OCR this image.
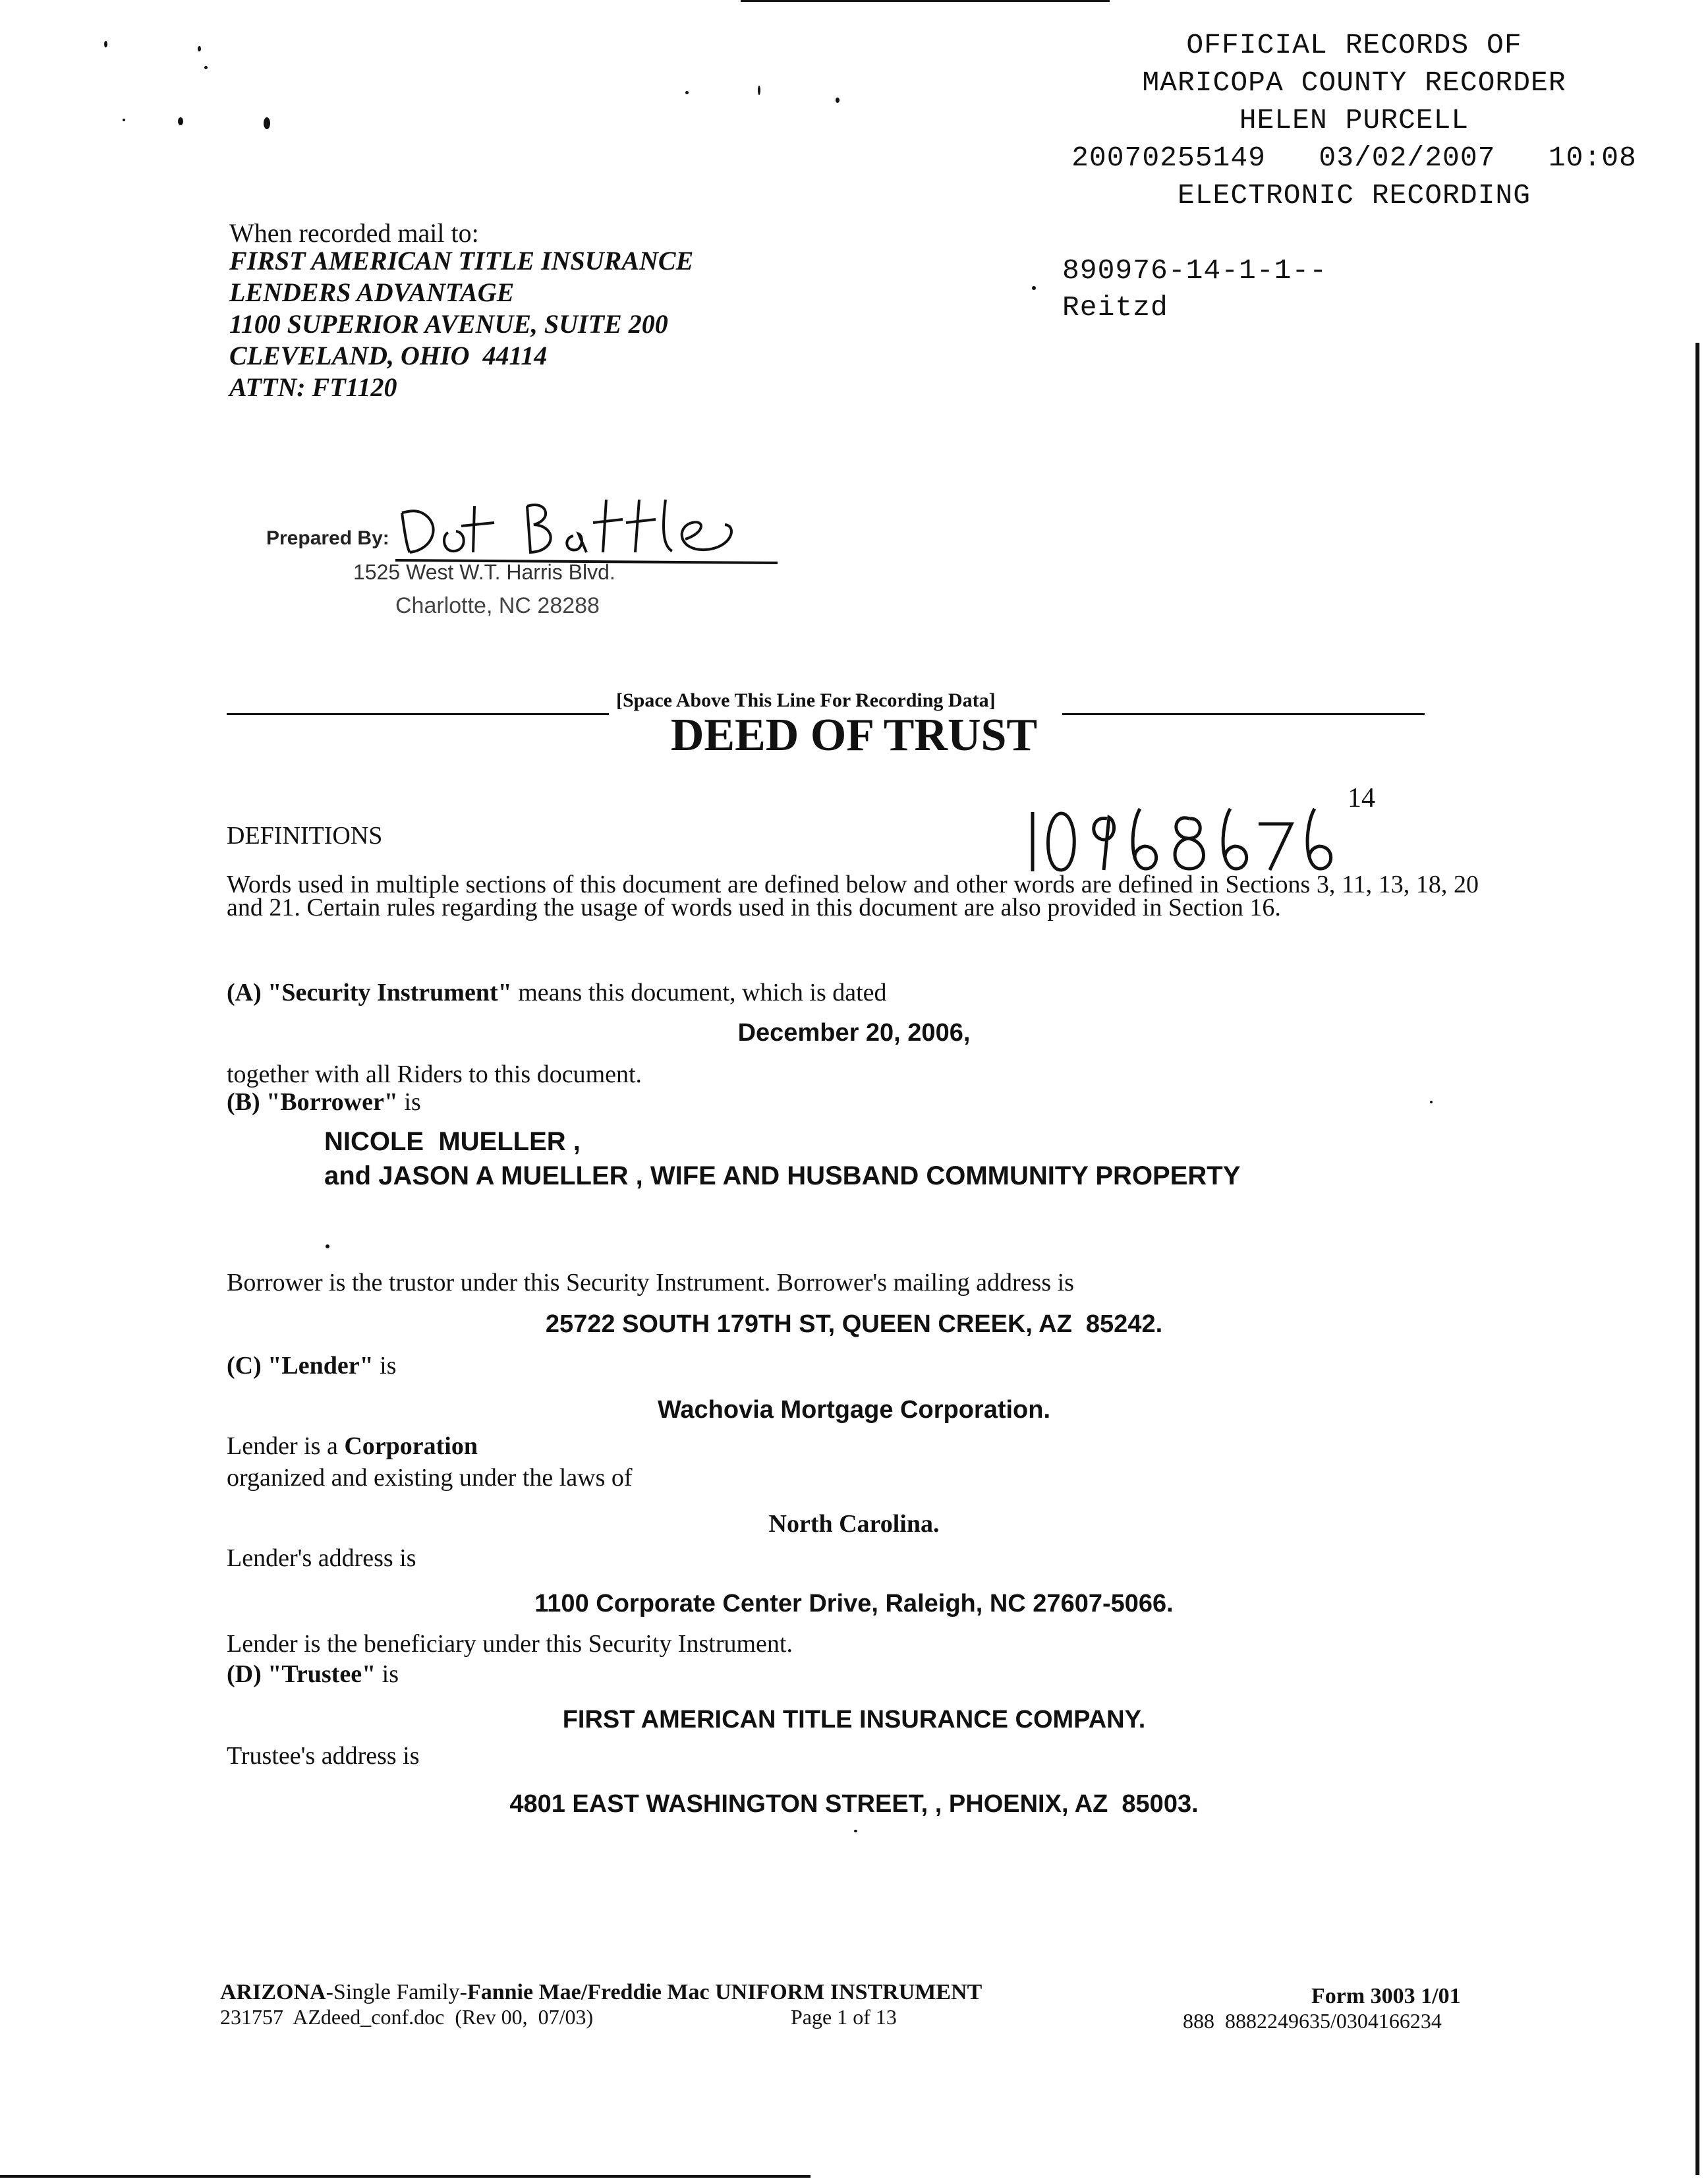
OFFICIAL RECORDS OF
MARICOPA COUNTY RECORDER
HELEN PURCELL
20070255149   03/02/2007   10:08
ELECTRONIC RECORDING
890976-14-1-1--
Reitzd
When recorded mail to:
FIRST AMERICAN TITLE INSURANCE
LENDERS ADVANTAGE
1100 SUPERIOR AVENUE, SUITE 200
CLEVELAND, OHIO  44114
ATTN: FT1120
Prepared By:
1525 West W.T. Harris Blvd.
Charlotte, NC 28288
[Space Above This Line For Recording Data]
DEED OF TRUST
14
DEFINITIONS
Words used in multiple sections of this document are defined below and other words are defined in Sections 3, 11, 13, 18, 20 and 21. Certain rules regarding the usage of words used in this document are also provided in Section 16.
(A) "Security Instrument" means this document, which is dated
December 20, 2006,
together with all Riders to this document.
(B) "Borrower" is
NICOLE  MUELLER ,
and JASON A MUELLER , WIFE AND HUSBAND COMMUNITY PROPERTY
Borrower is the trustor under this Security Instrument. Borrower's mailing address is
25722 SOUTH 179TH ST, QUEEN CREEK, AZ  85242.
(C) "Lender" is
Wachovia Mortgage Corporation.
Lender is a Corporation
organized and existing under the laws of
North Carolina.
Lender's address is
1100 Corporate Center Drive, Raleigh, NC 27607-5066.
Lender is the beneficiary under this Security Instrument.
(D) "Trustee" is
FIRST AMERICAN TITLE INSURANCE COMPANY.
Trustee's address is
4801 EAST WASHINGTON STREET, , PHOENIX, AZ  85003.
ARIZONA-Single Family-Fannie Mae/Freddie Mac UNIFORM INSTRUMENT
231757  AZdeed_conf.doc  (Rev 00,  07/03)	Page 1 of 13
Form 3003 1/01
888  8882249635/0304166234
